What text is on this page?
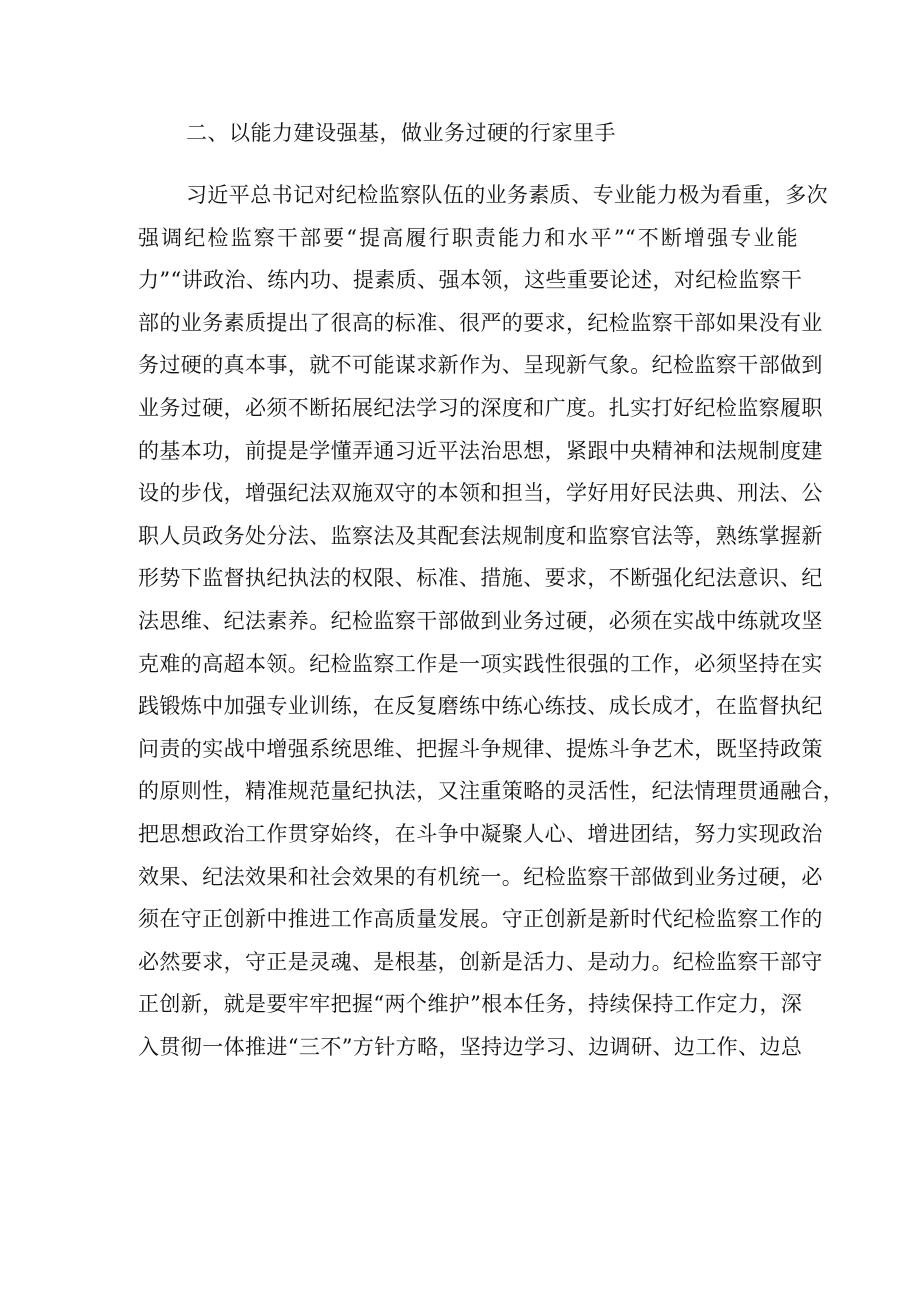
二、以能力建设强基，做业务过硬的行家里手
习近平总书记对纪检监察队伍的业务素质、专业能力极为看重，多次
强调纪检监察干部要“提高履行职责能力和水平”“不断增强专业能
力”“讲政治、练内功、提素质、强本领，这些重要论述，对纪检监察干
部的业务素质提出了很高的标准、很严的要求，纪检监察干部如果没有业
务过硬的真本事，就不可能谋求新作为、呈现新气象。纪检监察干部做到
业务过硬，必须不断拓展纪法学习的深度和广度。扎实打好纪检监察履职
的基本功，前提是学懂弄通习近平法治思想，紧跟中央精神和法规制度建
设的步伐，增强纪法双施双守的本领和担当，学好用好民法典、刑法、公
职人员政务处分法、监察法及其配套法规制度和监察官法等，熟练掌握新
形势下监督执纪执法的权限、标准、措施、要求，不断强化纪法意识、纪
法思维、纪法素养。纪检监察干部做到业务过硬，必须在实战中练就攻坚
克难的高超本领。纪检监察工作是一项实践性很强的工作，必须坚持在实
践锻炼中加强专业训练，在反复磨练中练心练技、成长成才，在监督执纪
问责的实战中增强系统思维、把握斗争规律、提炼斗争艺术，既坚持政策
的原则性，精准规范量纪执法，又注重策略的灵活性，纪法情理贯通融合，
把思想政治工作贯穿始终，在斗争中凝聚人心、增进团结，努力实现政治
效果、纪法效果和社会效果的有机统一。纪检监察干部做到业务过硬，必
须在守正创新中推进工作高质量发展。守正创新是新时代纪检监察工作的
必然要求，守正是灵魂、是根基，创新是活力、是动力。纪检监察干部守
正创新，就是要牢牢把握“两个维护”根本任务，持续保持工作定力，深
入贯彻一体推进“三不”方针方略，坚持边学习、边调研、边工作、边总
